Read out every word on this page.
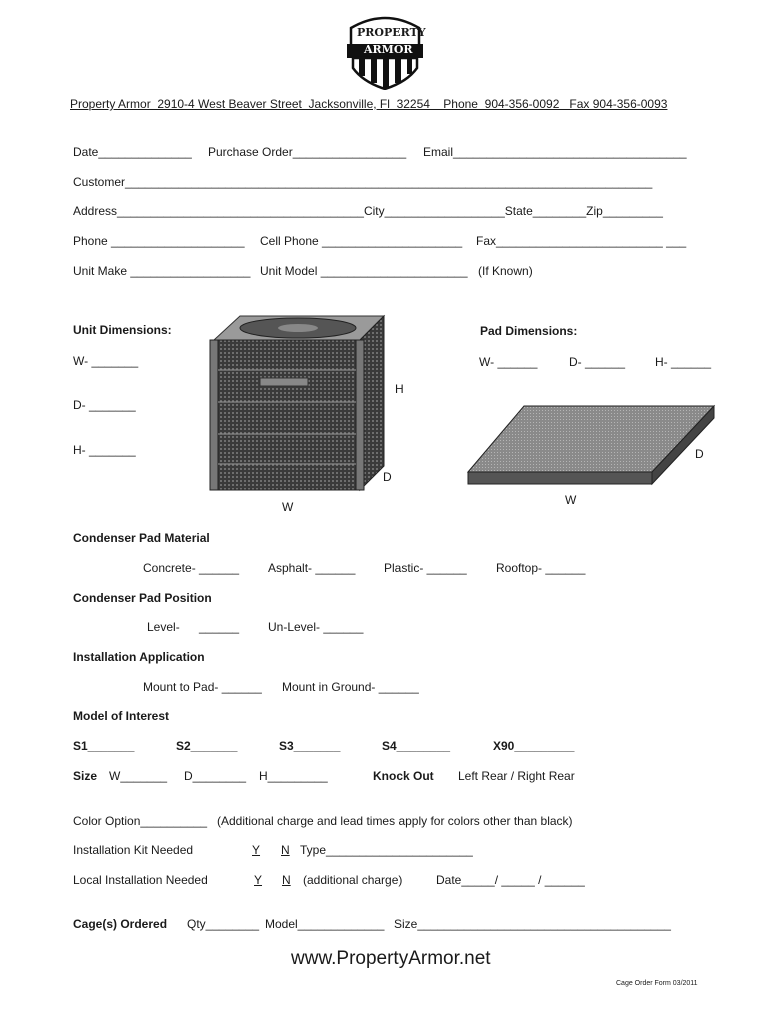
PROPERTY
ARMOR
Property Armor  2910-4 West Beaver Street  Jacksonville, Fl  32254    Phone  904-356-0092   Fax 904-356-0093
Date______________ Purchase Order_________________ Email___________________________________
Customer_______________________________________________________________________________
Address_____________________________________City__________________State________Zip_________
Phone ____________________ Cell Phone _____________________ Fax_________________________ ___
Unit Make __________________ Unit Model ______________________ (If Known)
Unit Dimensions:
W- _______
D- _______
H- _______
H
D
W
Pad Dimensions:
W- ______	D- ______ H- ______
D
W
Condenser Pad Material
Concrete- ______ Asphalt- ______ Plastic- ______ Rooftop- ______
Condenser Pad Position
Level- ______ Un-Level- ______
Installation Application
Mount to Pad- ______ Mount in Ground- ______
Model of Interest
S1_______	S2_______	S3_______	S4________	X90_________
Size W_______ D________ H_________	Knock Out Left Rear / Right Rear
Color Option__________ (Additional charge and lead times apply for colors other than black)
Installation Kit Needed	Y N Type______________________
Local Installation Needed	Y N (additional charge)	Date_____/ _____ / ______
Cage(s) Ordered Qty________ Model_____________ Size______________________________________
www.PropertyArmor.net
Cage Order Form 03/2011
